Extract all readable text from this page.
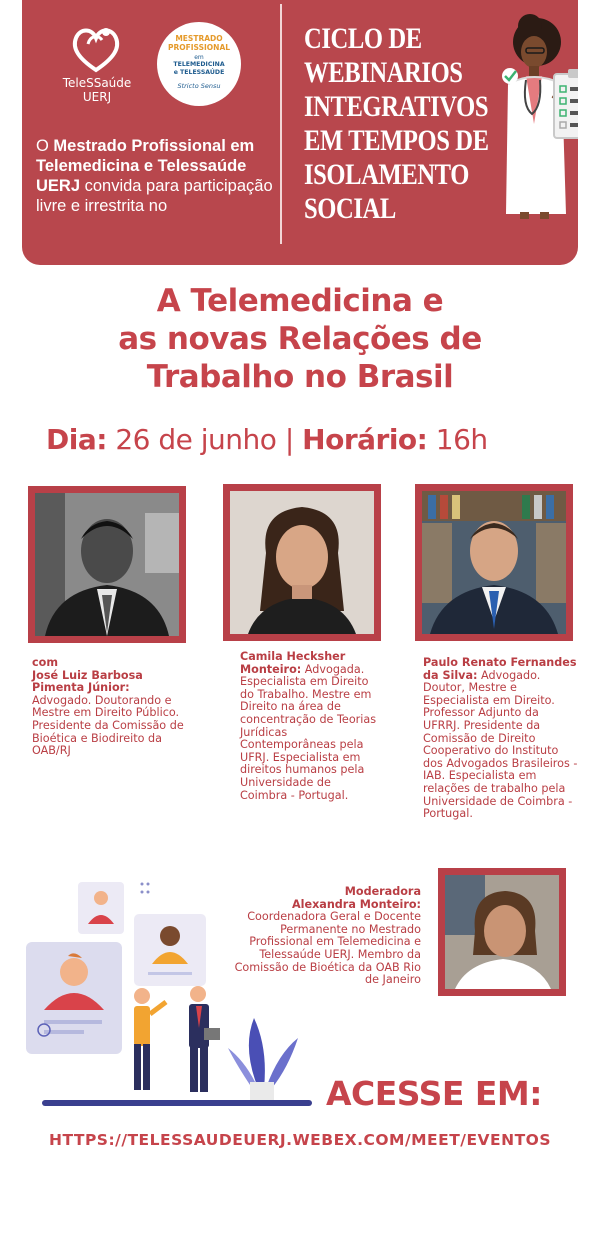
TeleSSaúde
UERJ
MESTRADO
PROFISSIONAL
em
TELEMEDICINA
e TELESSAÚDE
Stricto Sensu
O Mestrado Profissional em Telemedicina e Telessaúde UERJ convida para participação livre e irrestrita no
CICLO DE
WEBINARIOS
INTEGRATIVOS
EM TEMPOS DE
ISOLAMENTO
SOCIAL
A Telemedicina e
as novas Relações de
Trabalho no Brasil
Dia: 26 de junho | Horário: 16h
com
José Luiz Barbosa Pimenta Júnior: Advogado. Doutorando e Mestre em Direito Público. Presidente da Comissão de Bioética e Biodireito da OAB/RJ
Camila Hecksher Monteiro: Advogada. Especialista em Direito do Trabalho. Mestre em Direito na área de concentração de Teorias Jurídicas Contemporâneas pela UFRJ. Especialista em direitos humanos pela Universidade de Coimbra - Portugal.
Paulo Renato Fernandes da Silva: Advogado. Doutor, Mestre e Especialista em Direito. Professor Adjunto da UFRRJ. Presidente da Comissão de Direito Cooperativo do Instituto dos Advogados Brasileiros - IAB. Especialista em relações de trabalho pela Universidade de Coimbra - Portugal.
Moderadora
Alexandra Monteiro: Coordenadora Geral e Docente Permanente no Mestrado Profissional em Telemedicina e Telessaúde UERJ. Membro da Comissão de Bioética da OAB Rio de Janeiro
ACESSE EM:
HTTPS://TELESSAUDEUERJ.WEBEX.COM/MEET/EVENTOS
